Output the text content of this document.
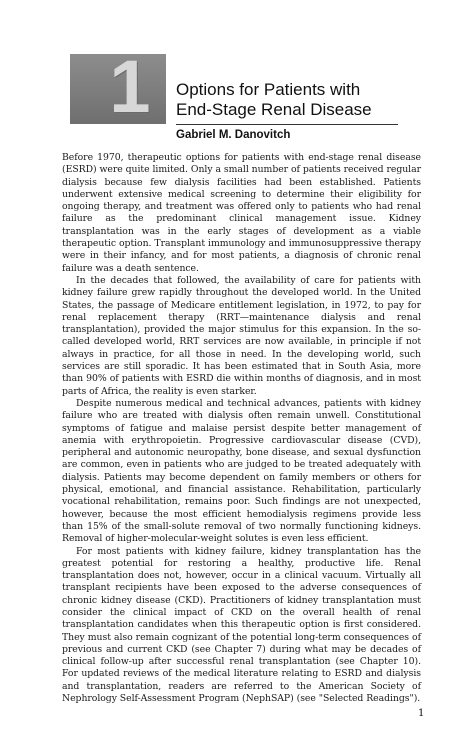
1	Options for Patients with
End-Stage Renal Disease
Gabriel M. Danovitch

Before 1970, therapeutic options for patients with end-stage renal disease (ESRD) were quite limited. Only a small number of patients received regular dialysis because few dialysis facilities had been established. Patients underwent extensive medical screening to determine their eligibility for ongoing therapy, and treatment was offered only to patients who had renal failure as the predominant clinical management issue. Kidney transplantation was in the early stages of development as a viable therapeutic option. Transplant immunology and immunosuppressive therapy were in their infancy, and for most patients, a diagnosis of chronic renal failure was a death sentence.

In the decades that followed, the availability of care for patients with kidney failure grew rapidly throughout the developed world. In the United States, the passage of Medicare entitlement legislation, in 1972, to pay for renal replacement therapy (RRT—maintenance dialysis and renal transplantation), provided the major stimulus for this expansion. In the so-called developed world, RRT services are now available, in principle if not always in practice, for all those in need. In the developing world, such services are still sporadic. It has been estimated that in South Asia, more than 90% of patients with ESRD die within months of diagnosis, and in most parts of Africa, the reality is even starker.

Despite numerous medical and technical advances, patients with kidney failure who are treated with dialysis often remain unwell. Constitutional symptoms of fatigue and malaise persist despite better management of anemia with erythropoietin. Progressive cardiovascular disease (CVD), peripheral and autonomic neuropathy, bone disease, and sexual dysfunction are common, even in patients who are judged to be treated adequately with dialysis. Patients may become dependent on family members or others for physical, emotional, and financial assistance. Rehabilitation, particularly vocational rehabilitation, remains poor. Such findings are not unexpected, however, because the most efficient hemodialysis regimens provide less than 15% of the small-solute removal of two normally functioning kidneys. Removal of higher-molecular-weight solutes is even less efficient.

For most patients with kidney failure, kidney transplantation has the greatest potential for restoring a healthy, productive life. Renal transplantation does not, however, occur in a clinical vacuum. Virtually all transplant recipients have been exposed to the adverse consequences of chronic kidney disease (CKD). Practitioners of kidney transplantation must consider the clinical impact of CKD on the overall health of renal transplantation candidates when this therapeutic option is first considered. They must also remain cognizant of the potential long-term consequences of previous and current CKD (see Chapter 7) during what may be decades of clinical follow-up after successful renal transplantation (see Chapter 10). For updated reviews of the medical literature relating to ESRD and dialysis and transplantation, readers are referred to the American Society of Nephrology Self-Assessment Program (NephSAP) (see "Selected Readings").

1
